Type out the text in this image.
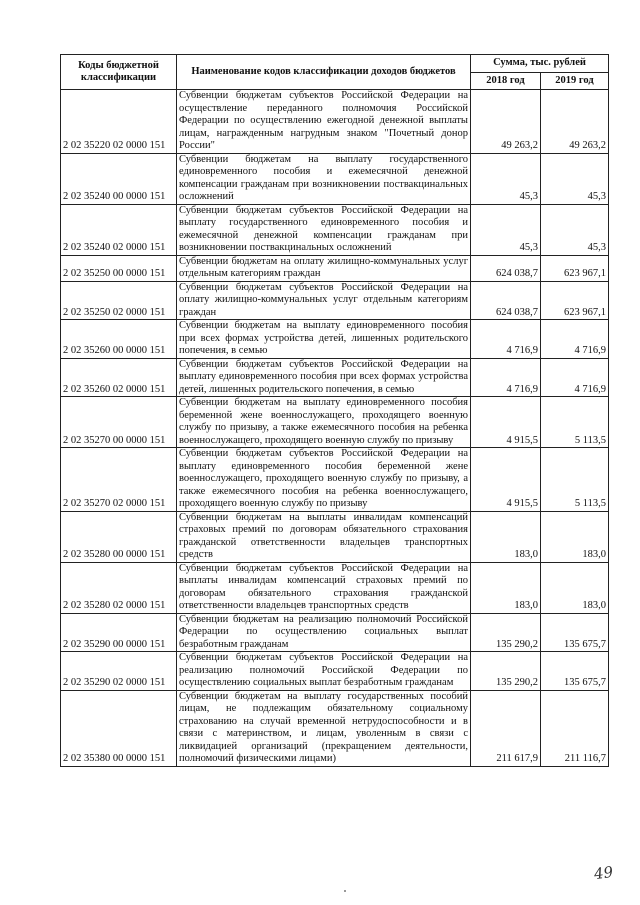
Коды бюджетной классификации	Наименование кодов классификации доходов бюджетов	Сумма, тыс. рублей	
		2018 год	2019 год
2 02 35220 02 0000 151	Субвенции бюджетам субъектов Российской Федерации на осуществление переданного полномочия Российской Федерации по осуществлению ежегодной денежной выплаты лицам, награжденным нагрудным знаком "Почетный донор России"	49 263,2	49 263,2
2 02 35240 00 0000 151	Субвенции бюджетам на выплату государственного единовременного пособия и ежемесячной денежной компенсации гражданам при возникновении поствакцинальных осложнений	45,3	45,3
2 02 35240 02 0000 151	Субвенции бюджетам субъектов Российской Федерации на выплату государственного единовременного пособия и ежемесячной денежной компенсации гражданам при возникновении поствакцинальных осложнений	45,3	45,3
2 02 35250 00 0000 151	Субвенции бюджетам на оплату жилищно-коммунальных услуг отдельным категориям граждан	624 038,7	623 967,1
2 02 35250 02 0000 151	Субвенции бюджетам субъектов Российской Федерации на оплату жилищно-коммунальных услуг отдельным категориям граждан	624 038,7	623 967,1
2 02 35260 00 0000 151	Субвенции бюджетам на выплату единовременного пособия при всех формах устройства детей, лишенных родительского попечения, в семью	4 716,9	4 716,9
2 02 35260 02 0000 151	Субвенции бюджетам субъектов Российской Федерации на выплату единовременного пособия при всех формах устройства детей, лишенных родительского попечения, в семью	4 716,9	4 716,9
2 02 35270 00 0000 151	Субвенции бюджетам на выплату единовременного пособия беременной жене военнослужащего, проходящего военную службу по призыву, а также ежемесячного пособия на ребенка военнослужащего, проходящего военную службу по призыву	4 915,5	5 113,5
2 02 35270 02 0000 151	Субвенции бюджетам субъектов Российской Федерации на выплату единовременного пособия беременной жене военнослужащего, проходящего военную службу по призыву, а также ежемесячного пособия на ребенка военнослужащего, проходящего военную службу по призыву	4 915,5	5 113,5
2 02 35280 00 0000 151	Субвенции бюджетам на выплаты инвалидам компенсаций страховых премий по договорам обязательного страхования гражданской ответственности владельцев транспортных средств	183,0	183,0
2 02 35280 02 0000 151	Субвенции бюджетам субъектов Российской Федерации на выплаты инвалидам компенсаций страховых премий по договорам обязательного страхования гражданской ответственности владельцев транспортных средств	183,0	183,0
2 02 35290 00 0000 151	Субвенции бюджетам на реализацию полномочий Российской Федерации по осуществлению социальных выплат безработным гражданам	135 290,2	135 675,7
2 02 35290 02 0000 151	Субвенции бюджетам субъектов Российской Федерации на реализацию полномочий Российской Федерации по осуществлению социальных выплат безработным гражданам	135 290,2	135 675,7
2 02 35380 00 0000 151	Субвенции бюджетам на выплату государственных пособий лицам, не подлежащим обязательному социальному страхованию на случай временной нетрудоспособности и в связи с материнством, и лицам, уволенным в связи с ликвидацией организаций (прекращением деятельности, полномочий физическими лицами)	211 617,9	211 116,7
49
